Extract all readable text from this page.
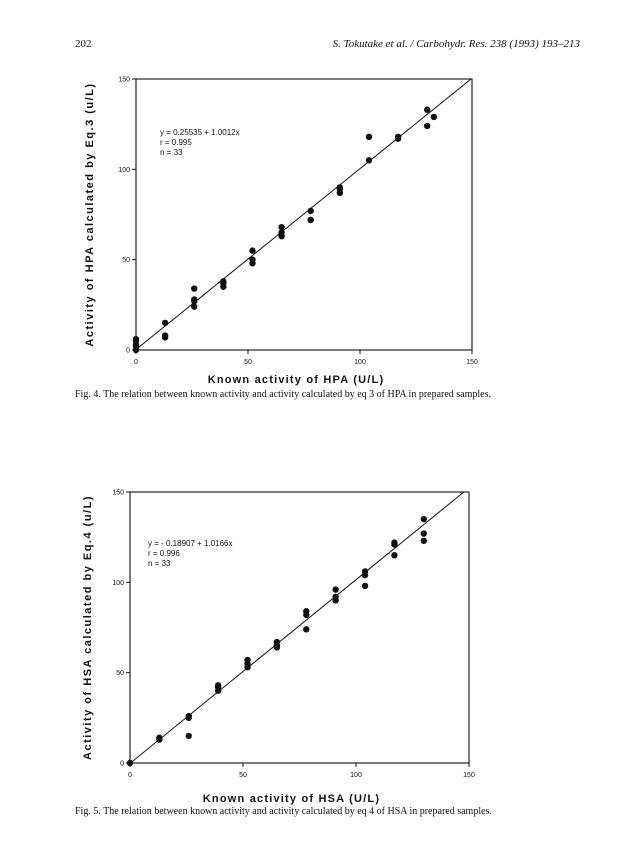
202	S. Tokutake et al. / Carbohydr. Res. 238 (1993) 193–213
0	50	100	150
0
50
100
150
y = 0.25535 + 1.0012x
r = 0.995
n = 33
Known activity of HPA (U/L)
Activity of HPA calculated by Eq.3 (u/L)
Fig. 4. The relation between known activity and activity calculated by eq 3 of HPA in prepared samples.
0	50	100	150
0
50
100
150
y = - 0.18907 + 1.0166x
r = 0.996
n = 33
Known activity of HSA (U/L)
Activity of HSA calculated by Eq.4 (u/L)
Fig. 5. The relation between known activity and activity calculated by eq 4 of HSA in prepared samples.
